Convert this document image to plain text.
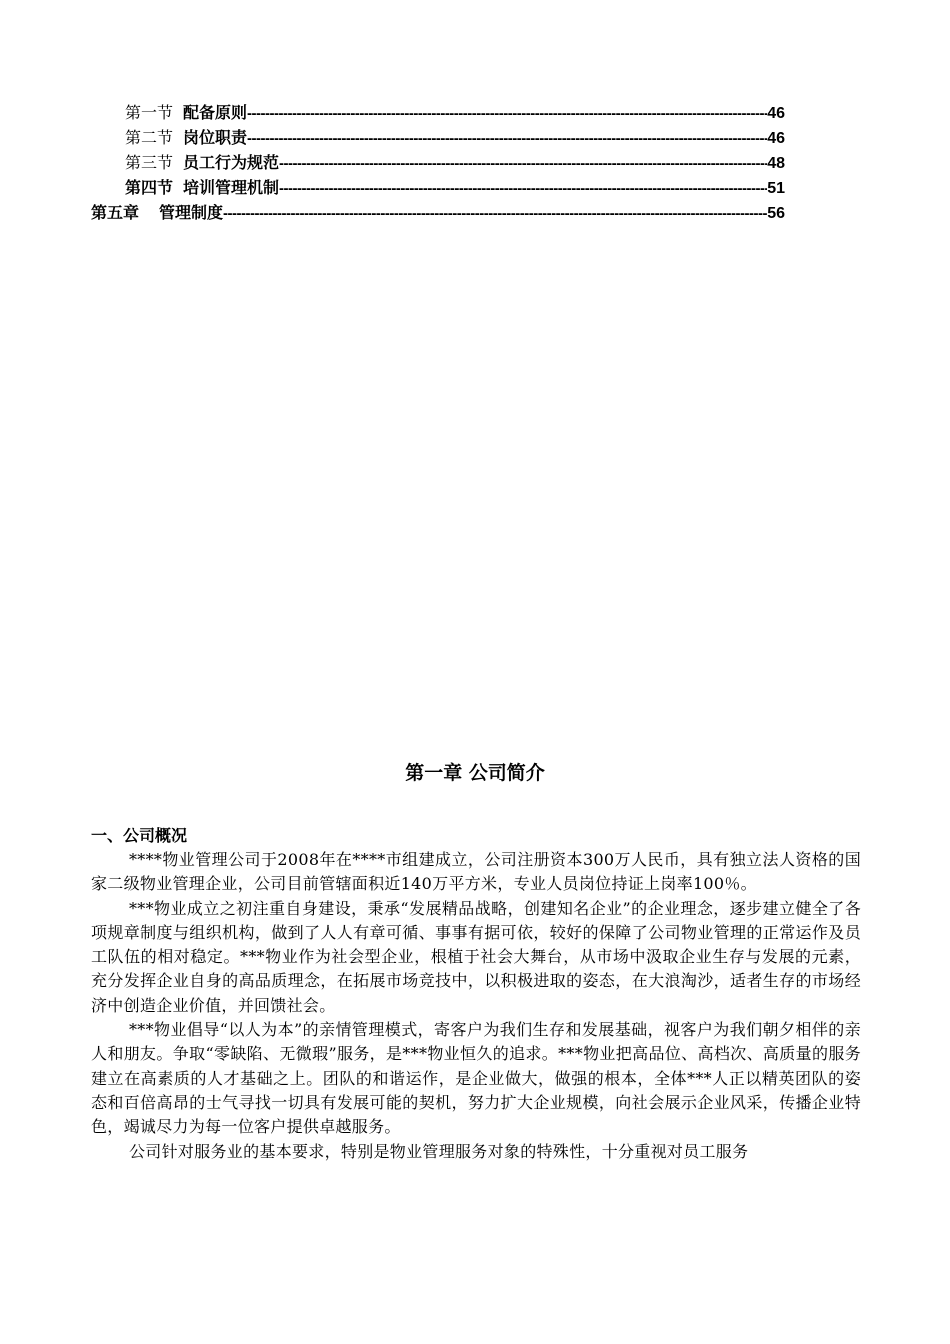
第一节 配备原则 -----	46
第二节 岗位职责 -----	46
第三节 员工行为规范 -----	48
第四节 培训管理机制 -----	51
第五章 管理制度 -----	56
第一章 公司简介
一、公司概况

****物业管理公司于2008年在****市组建成立，公司注册资本300万人民币，具有独立法人资格的国家二级物业管理企业，公司目前管辖面积近140万平方米，专业人员岗位持证上岗率100％。

***物业成立之初注重自身建设，秉承“发展精品战略，创建知名企业”的企业理念，逐步建立健全了各项规章制度与组织机构，做到了人人有章可循、事事有据可依，较好的保障了公司物业管理的正常运作及员工队伍的相对稳定。***物业作为社会型企业，根植于社会大舞台，从市场中汲取企业生存与发展的元素，充分发挥企业自身的高品质理念，在拓展市场竞技中，以积极进取的姿态，在大浪淘沙，适者生存的市场经济中创造企业价值，并回馈社会。

***物业倡导“以人为本”的亲情管理模式，寄客户为我们生存和发展基础，视客户为我们朝夕相伴的亲人和朋友。争取“零缺陷、无微瑕”服务，是***物业恒久的追求。***物业把高品位、高档次、高质量的服务建立在高素质的人才基础之上。团队的和谐运作，是企业做大，做强的根本，全体***人正以精英团队的姿态和百倍高昂的士气寻找一切具有发展可能的契机，努力扩大企业规模，向社会展示企业风采，传播企业特色，竭诚尽力为每一位客户提供卓越服务。

公司针对服务业的基本要求，特别是物业管理服务对象的特殊性，十分重视对员工服务
